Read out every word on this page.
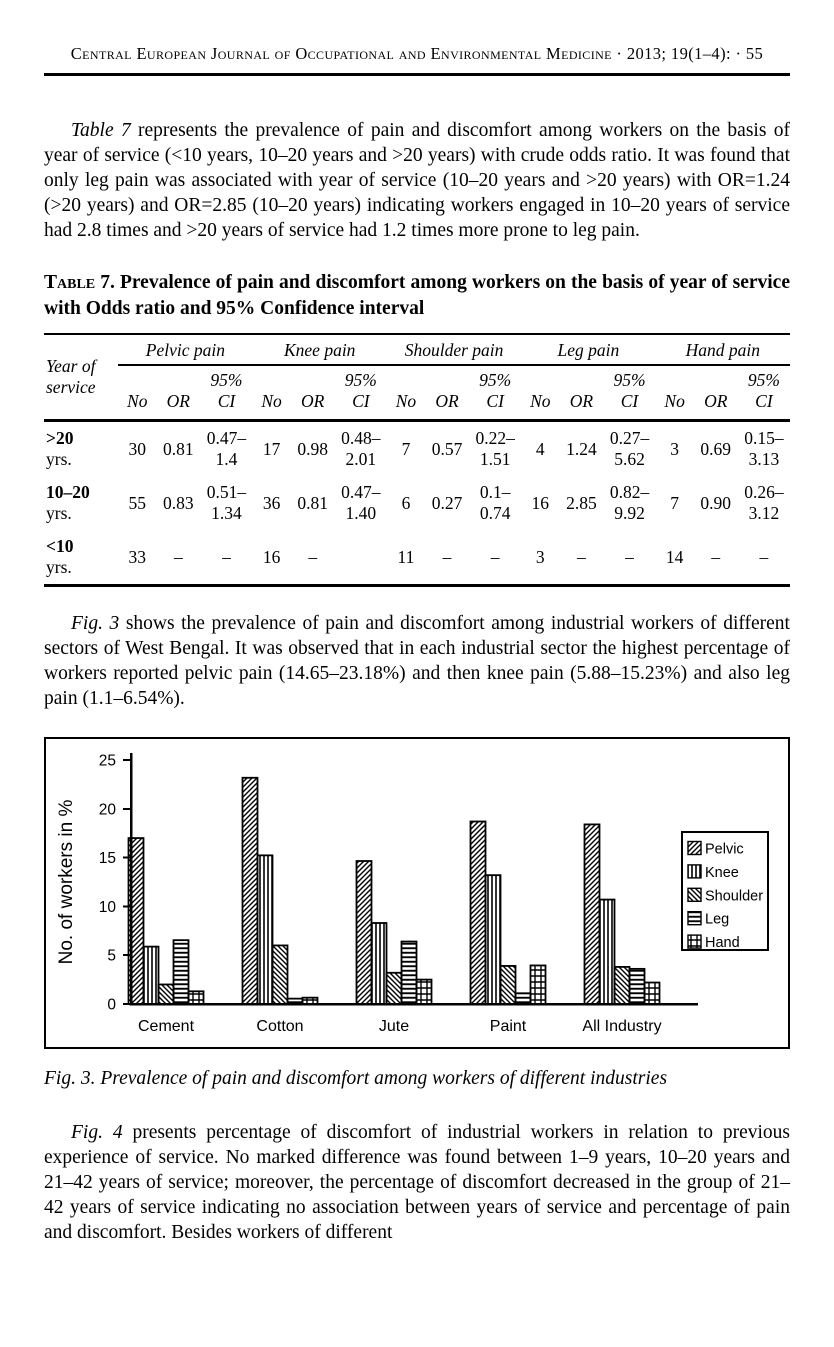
Central European Journal of Occupational and Environmental Medicine · 2013; 19(1–4): · 55

Table 7 represents the prevalence of pain and discomfort among workers on the basis of year of service (<10 years, 10–20 years and >20 years) with crude odds ratio. It was found that only leg pain was associated with year of service (10–20 years and >20 years) with OR=1.24 (>20 years) and OR=2.85 (10–20 years) indicating workers engaged in 10–20 years of service had 2.8 times and >20 years of service had 1.2 times more prone to leg pain.

Table 7. Prevalence of pain and discomfort among workers on the basis of year of service with Odds ratio and 95% Confidence interval
Year of service	Pelvic pain			Knee pain			Shoulder pain			Leg pain			Hand pain		
	No	OR	95% CI	No	OR	95% CI	No	OR	95% CI	No	OR	95% CI	No	OR	95% CI

>20
yrs.	30	0.81	0.47–1.4	17	0.98	0.48–2.01	7	0.57	0.22–1.51	4	1.24	0.27–5.62	3	0.69	0.15–3.13

10–20
yrs.	55	0.83	0.51–1.34	36	0.81	0.47–1.40	6	0.27	0.1–0.74	16	2.85	0.82–9.92	7	0.90	0.26–3.12

<10
yrs.	33	–	–	16	–		11	–	–	3	–	–	14	–	–

Fig. 3 shows the prevalence of pain and discomfort among industrial workers of different sectors of West Bengal. It was observed that in each industrial sector the highest percentage of workers reported pelvic pain (14.65–23.18%) and then knee pain (5.88–15.23%) and also leg pain (1.1–6.54%).

0
5
10
15
20
25
No. of workers in %
Cement	Cotton	Jute	Paint	All Industry
Pelvic
Knee
Shoulder
Leg
Hand

Fig. 3. Prevalence of pain and discomfort among workers of different industries

Fig. 4 presents percentage of discomfort of industrial workers in relation to previous experience of service. No marked difference was found between 1–9 years, 10–20 years and 21–42 years of service; moreover, the percentage of discomfort decreased in the group of 21–42 years of service indicating no association between years of service and percentage of pain and discomfort. Besides workers of different
